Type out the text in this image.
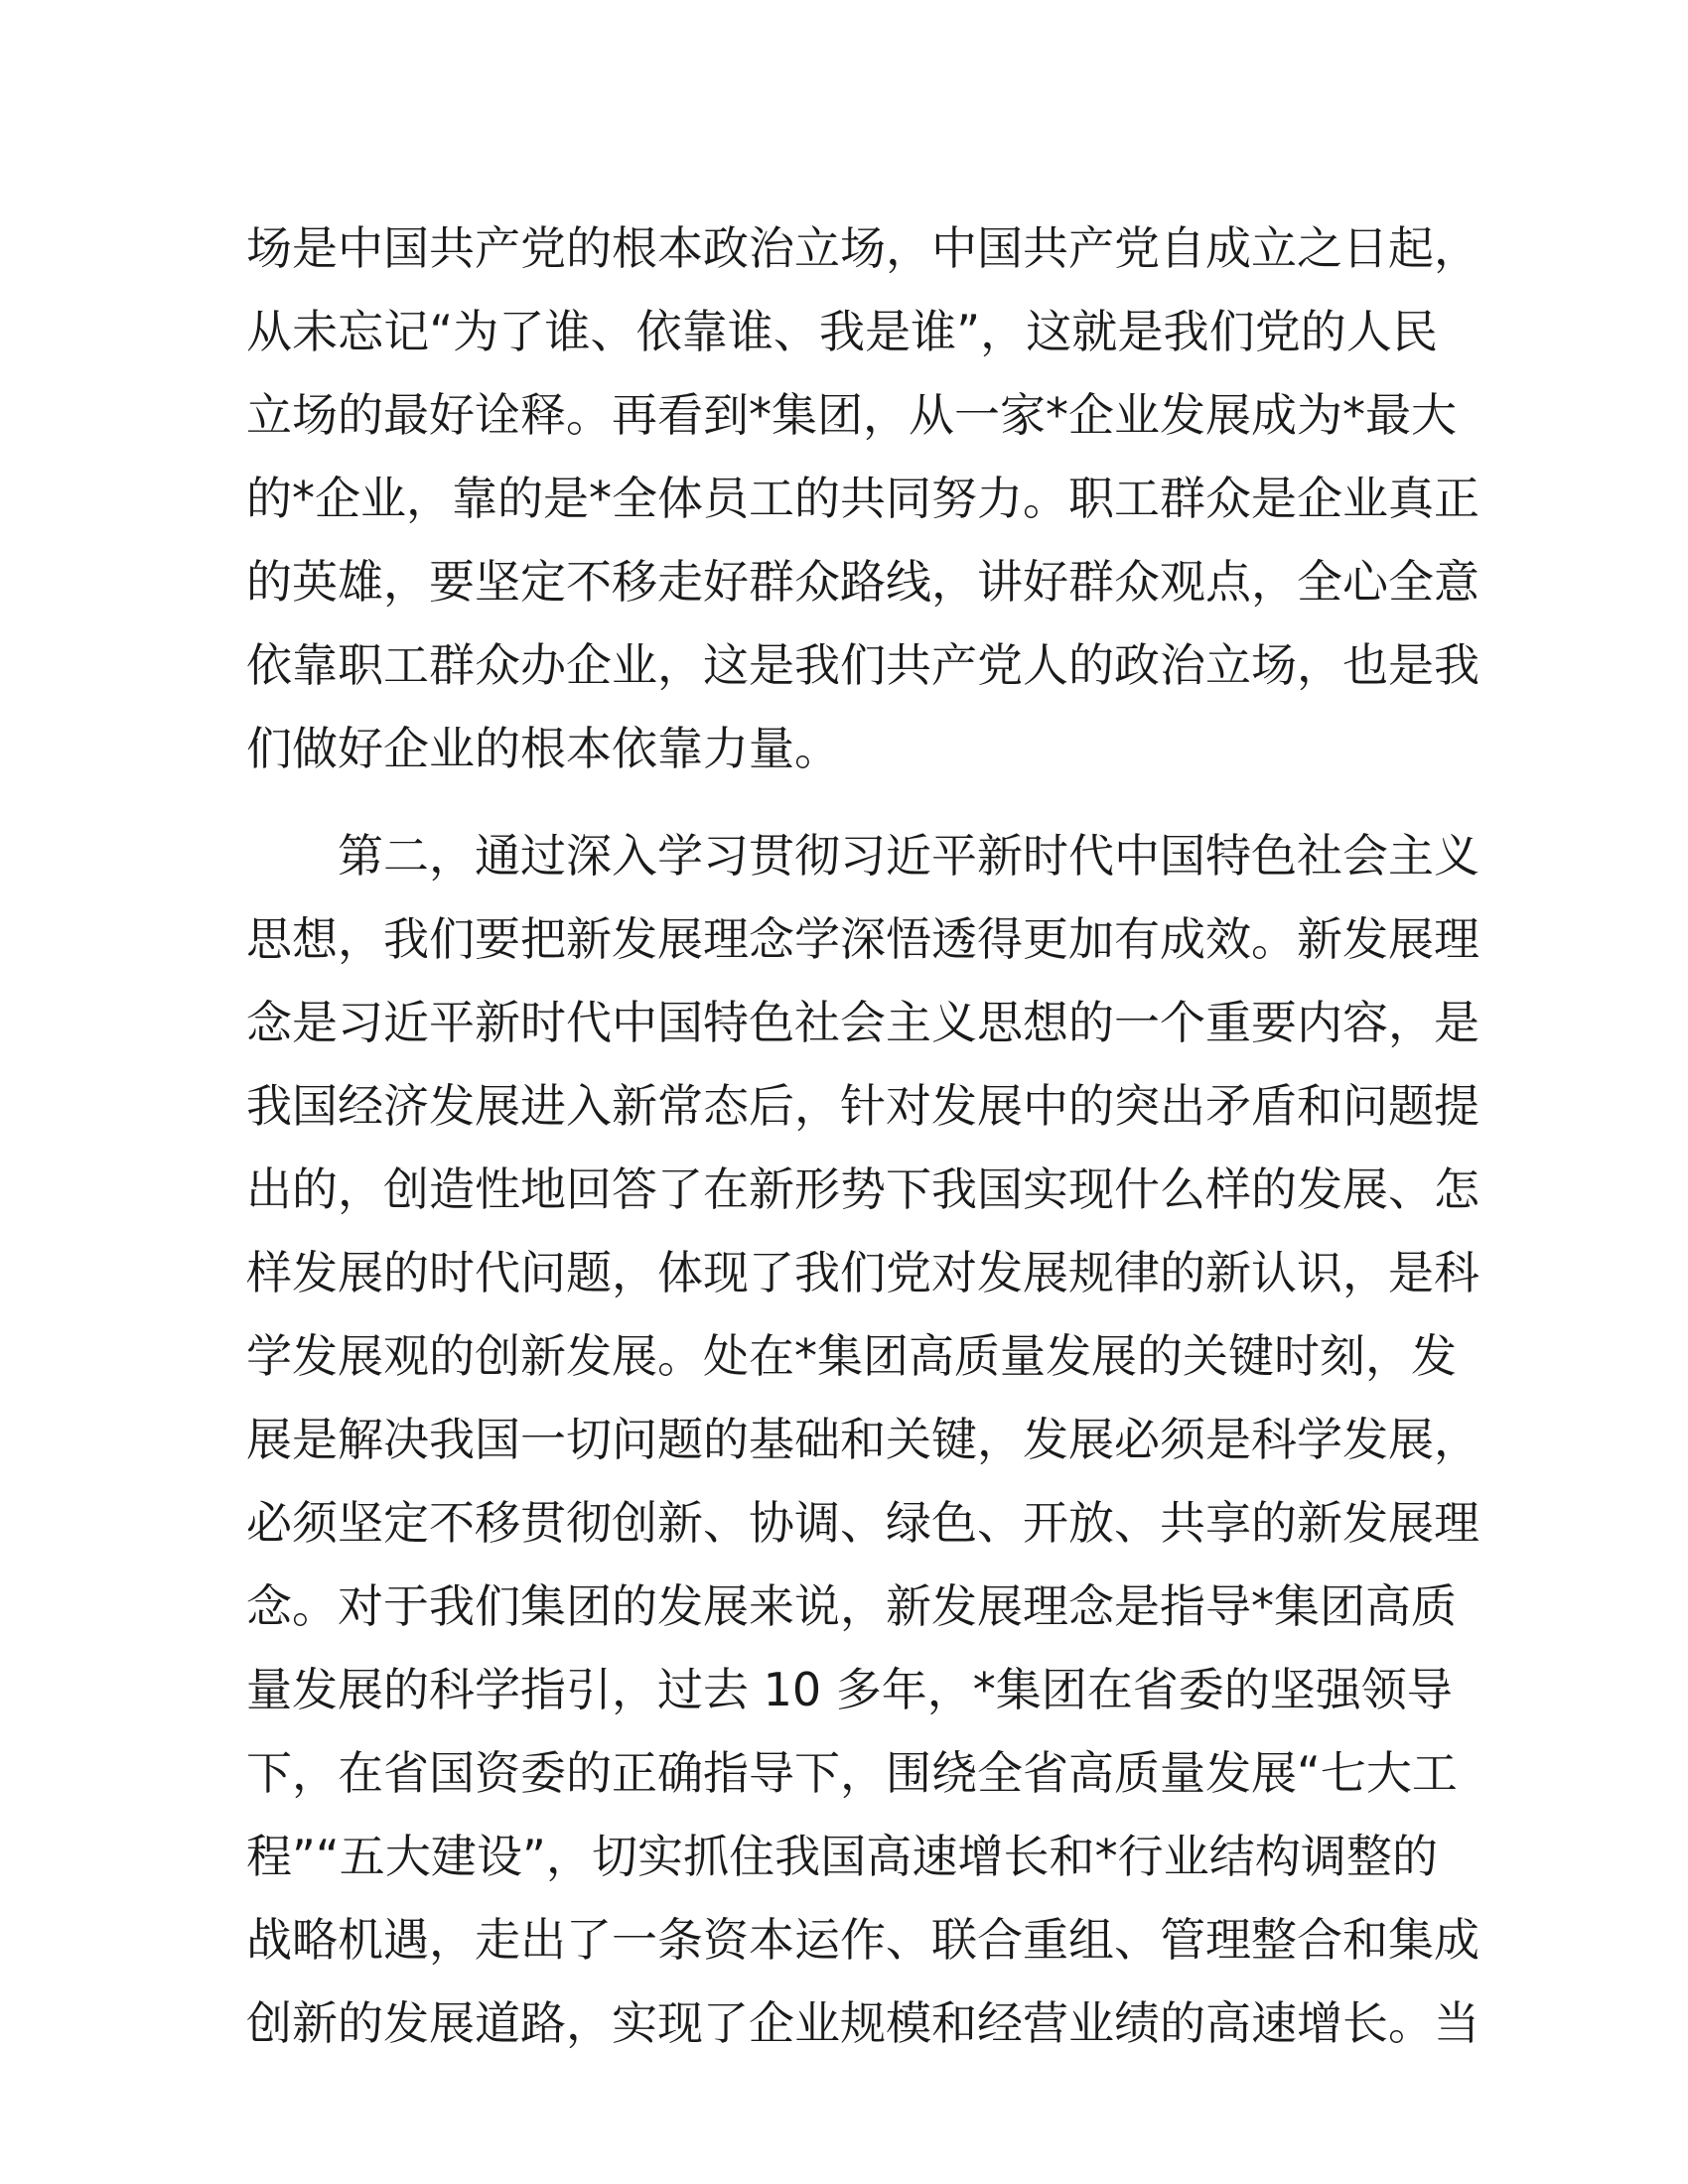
场是中国共产党的根本政治立场，中国共产党自成立之日起，
从未忘记“为了谁、依靠谁、我是谁”，这就是我们党的人民
立场的最好诠释。再看到*集团，从一家*企业发展成为*最大
的*企业，靠的是*全体员工的共同努力。职工群众是企业真正
的英雄，要坚定不移走好群众路线，讲好群众观点，全心全意
依靠职工群众办企业，这是我们共产党人的政治立场，也是我
们做好企业的根本依靠力量。
第二，通过深入学习贯彻习近平新时代中国特色社会主义
思想，我们要把新发展理念学深悟透得更加有成效。新发展理
念是习近平新时代中国特色社会主义思想的一个重要内容，是
我国经济发展进入新常态后，针对发展中的突出矛盾和问题提
出的，创造性地回答了在新形势下我国实现什么样的发展、怎
样发展的时代问题，体现了我们党对发展规律的新认识，是科
学发展观的创新发展。处在*集团高质量发展的关键时刻，发
展是解决我国一切问题的基础和关键，发展必须是科学发展，
必须坚定不移贯彻创新、协调、绿色、开放、共享的新发展理
念。对于我们集团的发展来说，新发展理念是指导*集团高质
量发展的科学指引，过去 10 多年，*集团在省委的坚强领导
下，在省国资委的正确指导下，围绕全省高质量发展“七大工
程”“五大建设”，切实抓住我国高速增长和*行业结构调整的
战略机遇，走出了一条资本运作、联合重组、管理整合和集成
创新的发展道路，实现了企业规模和经营业绩的高速增长。当
